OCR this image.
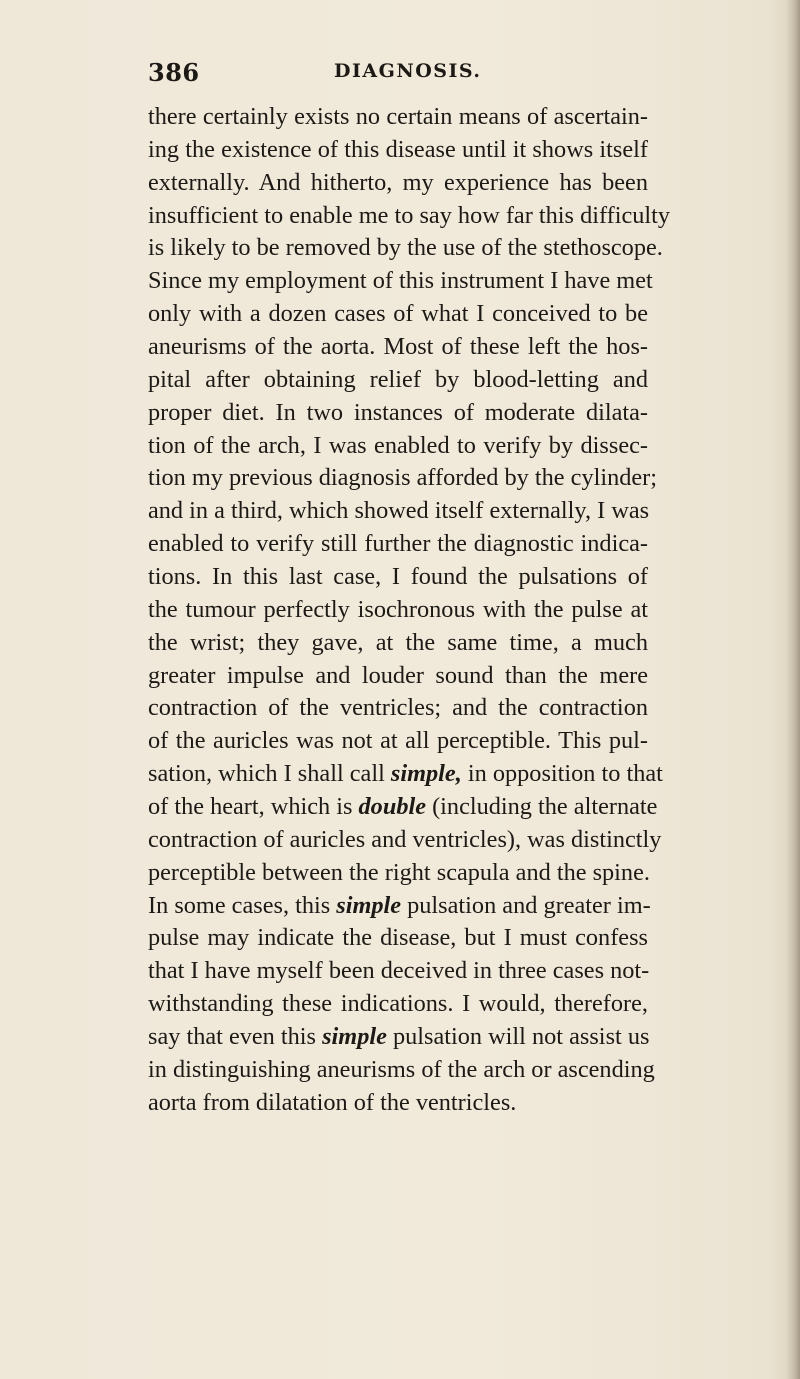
386	DIAGNOSIS.
there certainly exists no certain means of ascertain-
ing the existence of this disease until it shows itself
externally. And hitherto, my experience has been
insufficient to enable me to say how far this difficulty
is likely to be removed by the use of the stethoscope.
Since my employment of this instrument I have met
only with a dozen cases of what I conceived to be
aneurisms of the aorta. Most of these left the hos-
pital after obtaining relief by blood-letting and
proper diet. In two instances of moderate dilata-
tion of the arch, I was enabled to verify by dissec-
tion my previous diagnosis afforded by the cylinder;
and in a third, which showed itself externally, I was
enabled to verify still further the diagnostic indica-
tions. In this last case, I found the pulsations of
the tumour perfectly isochronous with the pulse at
the wrist; they gave, at the same time, a much
greater impulse and louder sound than the mere
contraction of the ventricles; and the contraction
of the auricles was not at all perceptible. This pul-
sation, which I shall call simple, in opposition to that
of the heart, which is double (including the alternate
contraction of auricles and ventricles), was distinctly
perceptible between the right scapula and the spine.
In some cases, this simple pulsation and greater im-
pulse may indicate the disease, but I must confess
that I have myself been deceived in three cases not-
withstanding these indications. I would, therefore,
say that even this simple pulsation will not assist us
in distinguishing aneurisms of the arch or ascending
aorta from dilatation of the ventricles.
